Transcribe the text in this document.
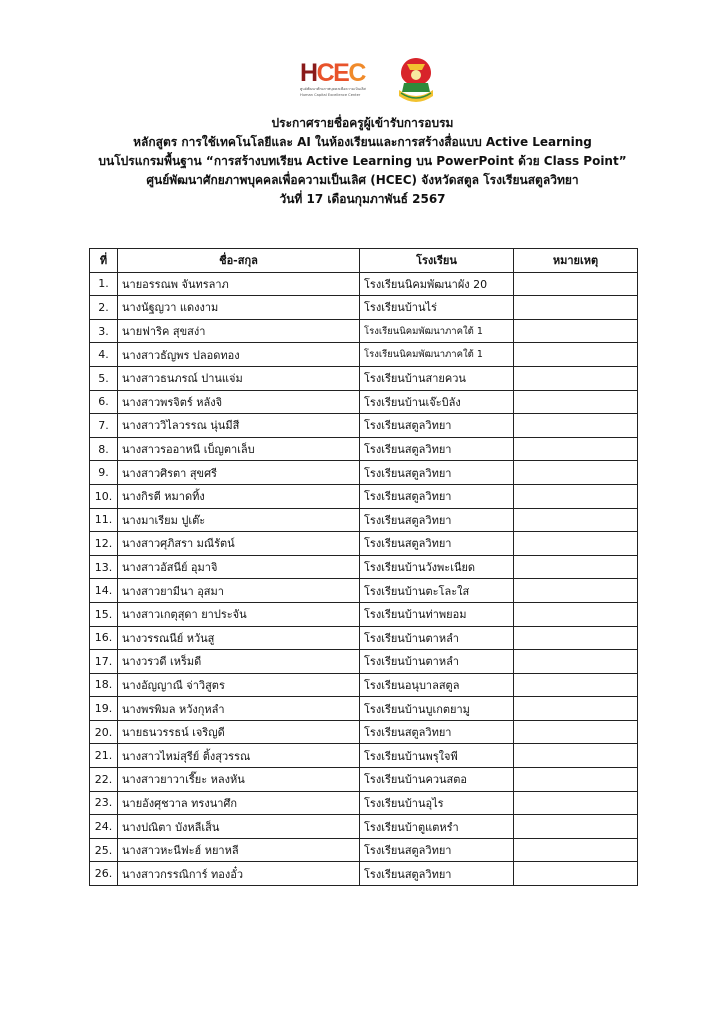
HCEC
ศูนย์พัฒนาศักยภาพบุคคลเพื่อความเป็นเลิศ
Human Capital Excellence Center
ประกาศรายชื่อครูผู้เข้ารับการอบรม
หลักสูตร การใช้เทคโนโลยีและ AI ในห้องเรียนและการสร้างสื่อแบบ Active Learning
บนโปรแกรมพื้นฐาน “การสร้างบทเรียน Active Learning บน PowerPoint ด้วย Class Point”
ศูนย์พัฒนาศักยภาพบุคคลเพื่อความเป็นเลิศ (HCEC) จังหวัดสตูล โรงเรียนสตูลวิทยา
วันที่ 17 เดือนกุมภาพันธ์ 2567
ที่	ชื่อ-สกุล	โรงเรียน	หมายเหตุ
1.	นายอรรณพ จันทรลาภ	โรงเรียนนิคมพัฒนาผัง 20	
2.	นางนัฐญวา แดงงาม	โรงเรียนบ้านไร่	
3.	นายฟาริค สุขสง่า	โรงเรียนนิคมพัฒนาภาคใต้ 1	
4.	นางสาวธัญพร ปลอดทอง	โรงเรียนนิคมพัฒนาภาคใต้ 1	
5.	นางสาวธนภรณ์ ปานแจ่ม	โรงเรียนบ้านสายควน	
6.	นางสาวพรจิตร์ หลังจิ	โรงเรียนบ้านเจ๊ะบิลัง	
7.	นางสาววิไลวรรณ นุ่นมีสี	โรงเรียนสตูลวิทยา	
8.	นางสาวรออาหนี เบ็ญตาเล็บ	โรงเรียนสตูลวิทยา	
9.	นางสาวศิรตา สุขศรี	โรงเรียนสตูลวิทยา	
10.	นางกิรตี หมาดทิ้ง	โรงเรียนสตูลวิทยา	
11.	นางมาเรียม ปูเต๊ะ	โรงเรียนสตูลวิทยา	
12.	นางสาวศุภิสรา มณีรัตน์	โรงเรียนสตูลวิทยา	
13.	นางสาวอัสนีย์ อุมาจิ	โรงเรียนบ้านวังพะเนียด	
14.	นางสาวยามีนา อุสมา	โรงเรียนบ้านตะโละใส	
15.	นางสาวเกตุสุดา ยาประจัน	โรงเรียนบ้านท่าพยอม	
16.	นางวรรณนีย์ หวันสู	โรงเรียนบ้านตาหลำ	
17.	นางวรวดี เหร็มดี	โรงเรียนบ้านตาหลำ	
18.	นางอัญญาณี จ่าวิสูตร	โรงเรียนอนุบาลสตูล	
19.	นางพรพิมล หวังกุหลำ	โรงเรียนบ้านบูเกตยามู	
20.	นายธนวรรธน์ เจริญดี	โรงเรียนสตูลวิทยา	
21.	นางสาวไหม่สุรีย์ ติ้งสุวรรณ	โรงเรียนบ้านพรุใจพี	
22.	นางสาวยาวาเรี๊ยะ หลงหัน	โรงเรียนบ้านควนสตอ	
23.	นายอังศุชวาล ทรงนาศึก	โรงเรียนบ้านอุไร	
24.	นางปณิตา บังหลีเส็น	โรงเรียนบ้าตูแตหรำ	
25.	นางสาวหะนีฟะฮ์ หยาหลี	โรงเรียนสตูลวิทยา	
26.	นางสาวกรรณิการ์ ทองอั๋ว	โรงเรียนสตูลวิทยา	
